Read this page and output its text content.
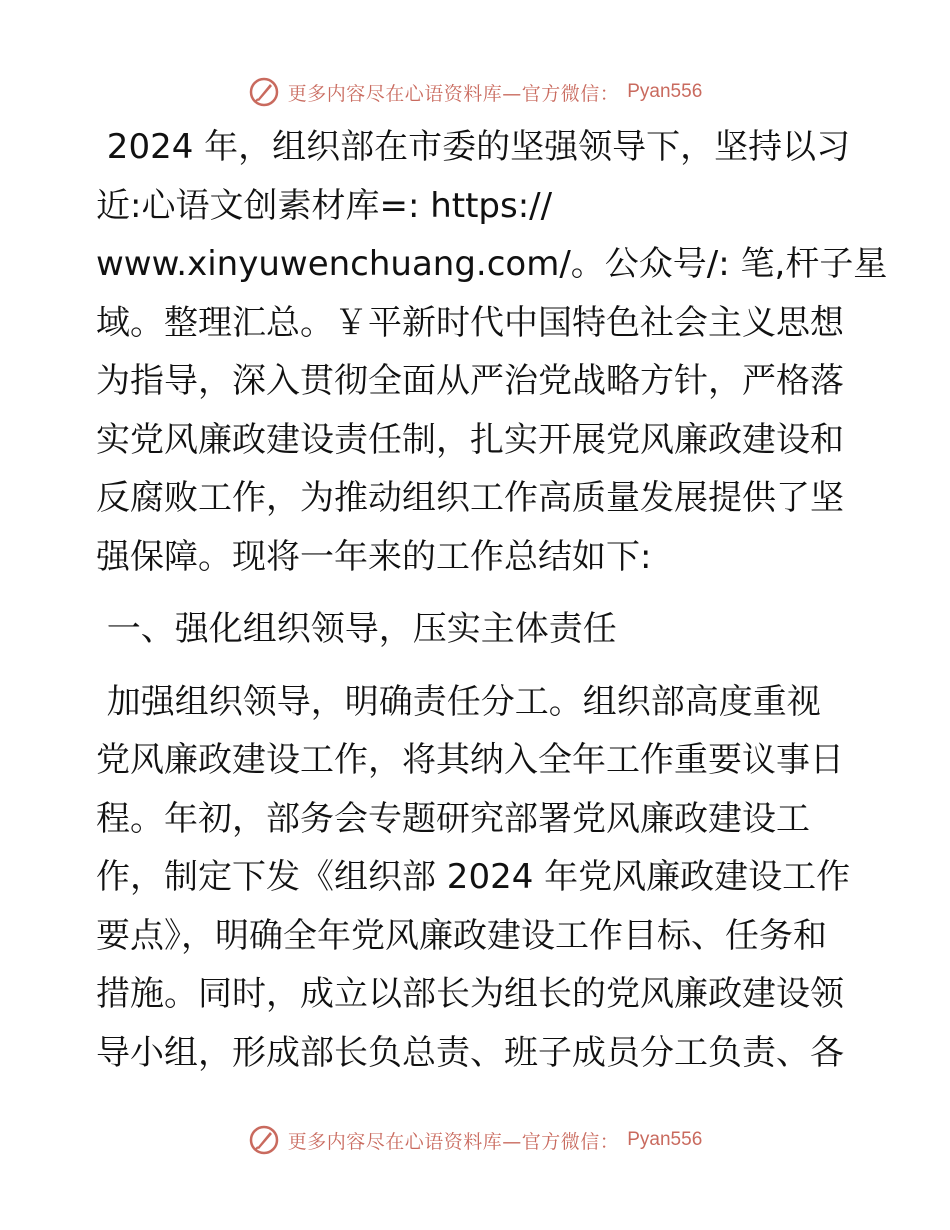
更多内容尽在心语资料库—官方微信： Pyan556
2024 年，组织部在市委的坚强领导下，坚持以习
近:心语文创素材库=: https://
www.xinyuwenchuang.com/。公众号/: 笔,杆子星
域。整理汇总。￥平新时代中国特色社会主义思想
为指导，深入贯彻全面从严治党战略方针，严格落
实党风廉政建设责任制，扎实开展党风廉政建设和
反腐败工作，为推动组织工作高质量发展提供了坚
强保障。现将一年来的工作总结如下:
一、强化组织领导，压实主体责任
加强组织领导，明确责任分工。组织部高度重视
党风廉政建设工作，将其纳入全年工作重要议事日
程。年初，部务会专题研究部署党风廉政建设工
作，制定下发《组织部 2024 年党风廉政建设工作
要点》，明确全年党风廉政建设工作目标、任务和
措施。同时，成立以部长为组长的党风廉政建设领
导小组，形成部长负总责、班子成员分工负责、各
更多内容尽在心语资料库—官方微信： Pyan556
